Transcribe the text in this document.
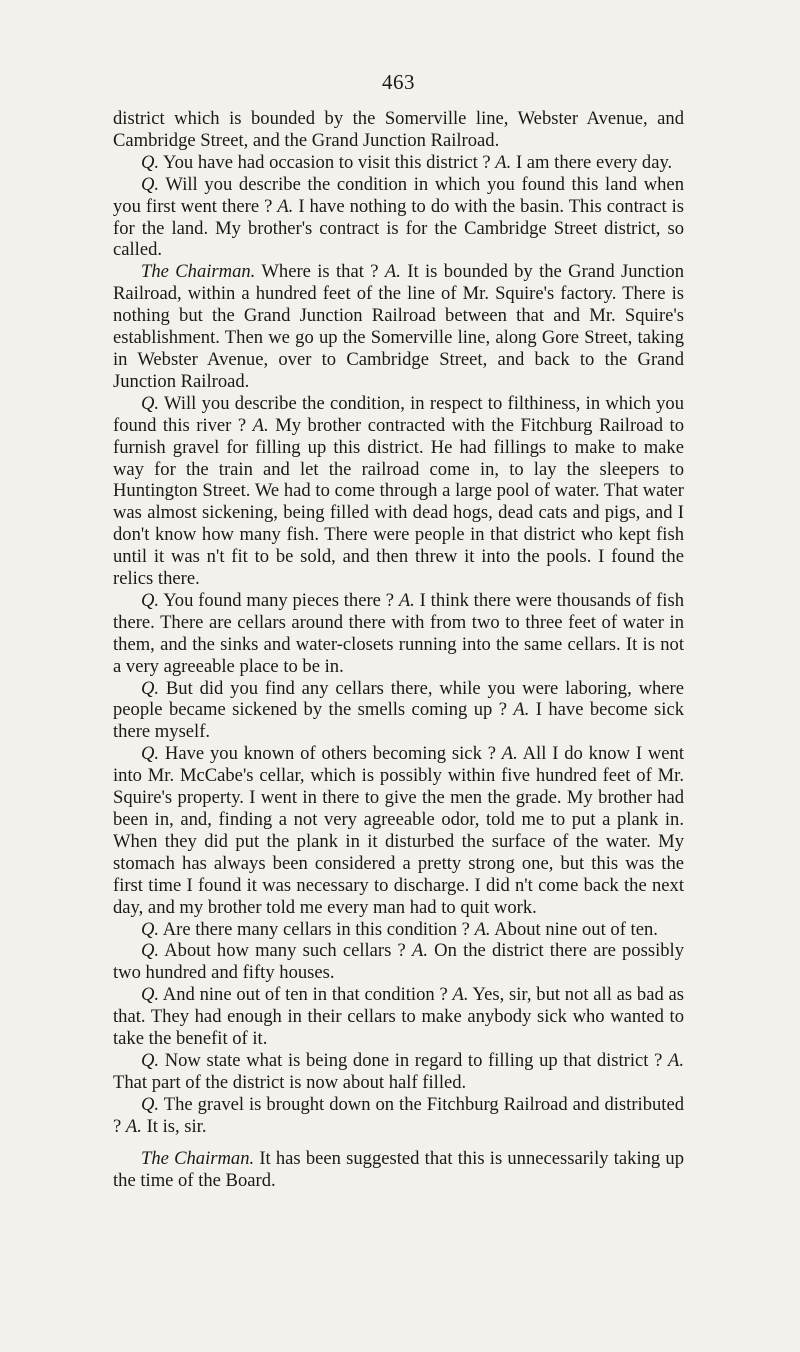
463

district which is bounded by the Somerville line, Webster Avenue, and Cambridge Street, and the Grand Junction Railroad.

Q. You have had occasion to visit this district ? A. I am there every day.

Q. Will you describe the condition in which you found this land when you first went there ? A. I have nothing to do with the basin. This contract is for the land. My brother's contract is for the Cambridge Street district, so called.

The Chairman. Where is that ? A. It is bounded by the Grand Junction Railroad, within a hundred feet of the line of Mr. Squire's factory. There is nothing but the Grand Junction Railroad between that and Mr. Squire's establishment. Then we go up the Somerville line, along Gore Street, taking in Webster Avenue, over to Cambridge Street, and back to the Grand Junction Railroad.

Q. Will you describe the condition, in respect to filthiness, in which you found this river ? A. My brother contracted with the Fitchburg Railroad to furnish gravel for filling up this district. He had fillings to make to make way for the train and let the railroad come in, to lay the sleepers to Huntington Street. We had to come through a large pool of water. That water was almost sickening, being filled with dead hogs, dead cats and pigs, and I don't know how many fish. There were people in that district who kept fish until it was n't fit to be sold, and then threw it into the pools. I found the relics there.

Q. You found many pieces there ? A. I think there were thousands of fish there. There are cellars around there with from two to three feet of water in them, and the sinks and water-closets running into the same cellars. It is not a very agreeable place to be in.

Q. But did you find any cellars there, while you were laboring, where people became sickened by the smells coming up ? A. I have become sick there myself.

Q. Have you known of others becoming sick ? A. All I do know I went into Mr. McCabe's cellar, which is possibly within five hundred feet of Mr. Squire's property. I went in there to give the men the grade. My brother had been in, and, finding a not very agreeable odor, told me to put a plank in. When they did put the plank in it disturbed the surface of the water. My stomach has always been considered a pretty strong one, but this was the first time I found it was necessary to discharge. I did n't come back the next day, and my brother told me every man had to quit work.

Q. Are there many cellars in this condition ? A. About nine out of ten.

Q. About how many such cellars ? A. On the district there are possibly two hundred and fifty houses.

Q. And nine out of ten in that condition ? A. Yes, sir, but not all as bad as that. They had enough in their cellars to make anybody sick who wanted to take the benefit of it.

Q. Now state what is being done in regard to filling up that district ? A. That part of the district is now about half filled.

Q. The gravel is brought down on the Fitchburg Railroad and distributed ? A. It is, sir.

The Chairman. It has been suggested that this is unnecessarily taking up the time of the Board.
